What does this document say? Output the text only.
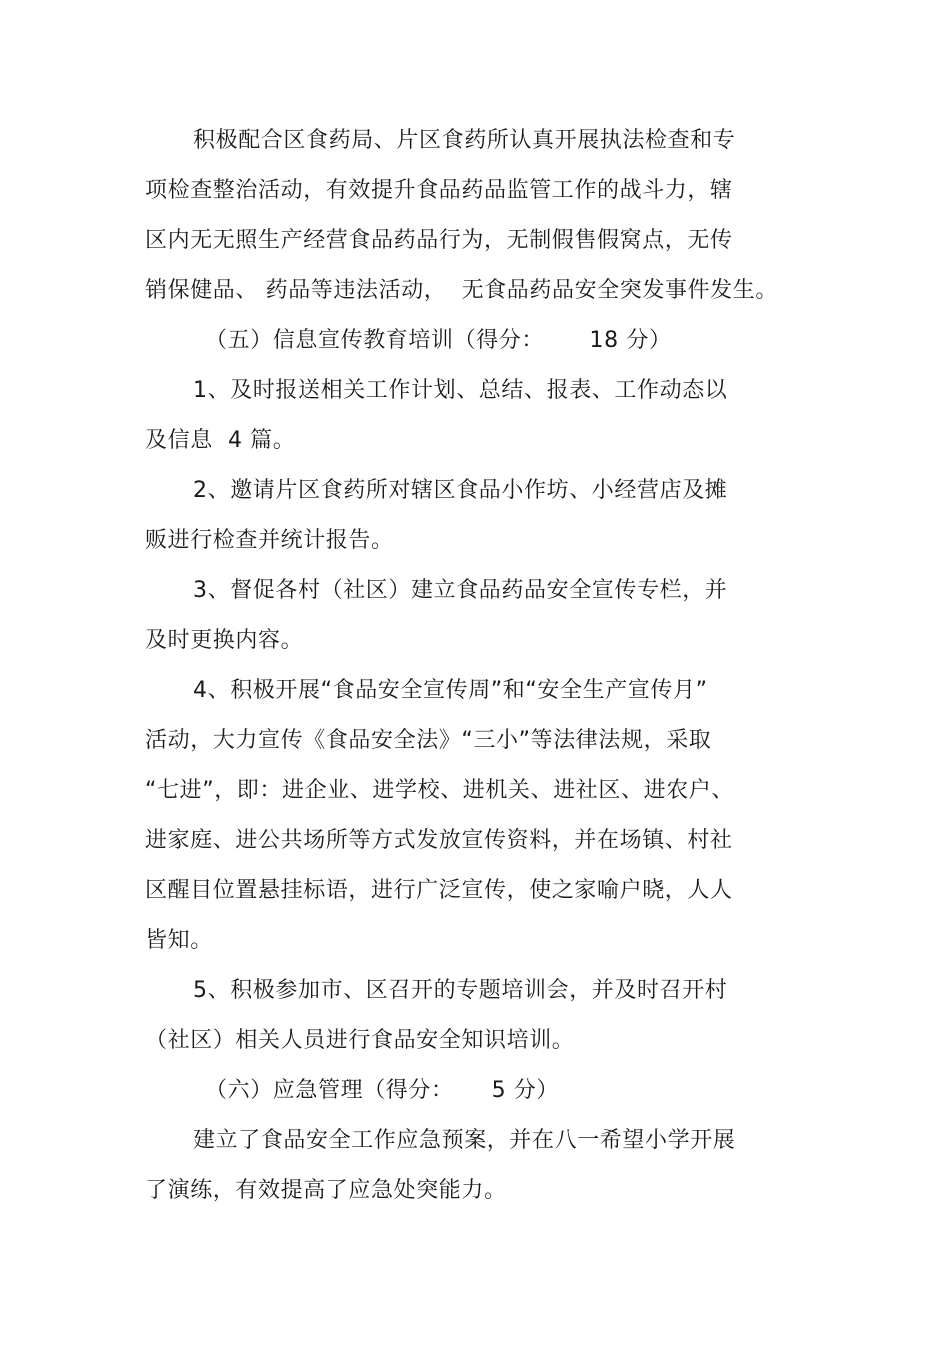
积极配合区食药局、片区食药所认真开展执法检查和专
项检查整治活动，有效提升食品药品监管工作的战斗力，辖
区内无无照生产经营食品药品行为，无制假售假窝点，无传
销保健品、 药品等违法活动，  无食品药品安全突发事件发生。
（五）信息宣传教育培训（得分：      18 分）
1、及时报送相关工作计划、总结、报表、工作动态以
及信息  4 篇。
2、邀请片区食药所对辖区食品小作坊、小经营店及摊
贩进行检查并统计报告。
3、督促各村（社区）建立食品药品安全宣传专栏，并
及时更换内容。
4、积极开展“食品安全宣传周”和“安全生产宣传月”
活动，大力宣传《食品安全法》“三小”等法律法规，采取
“七进”，即：进企业、进学校、进机关、进社区、进农户、
进家庭、进公共场所等方式发放宣传资料，并在场镇、村社
区醒目位置悬挂标语，进行广泛宣传，使之家喻户晓，人人
皆知。
5、积极参加市、区召开的专题培训会，并及时召开村
（社区）相关人员进行食品安全知识培训。
（六）应急管理（得分：     5 分）
建立了食品安全工作应急预案，并在八一希望小学开展
了演练，有效提高了应急处突能力。
